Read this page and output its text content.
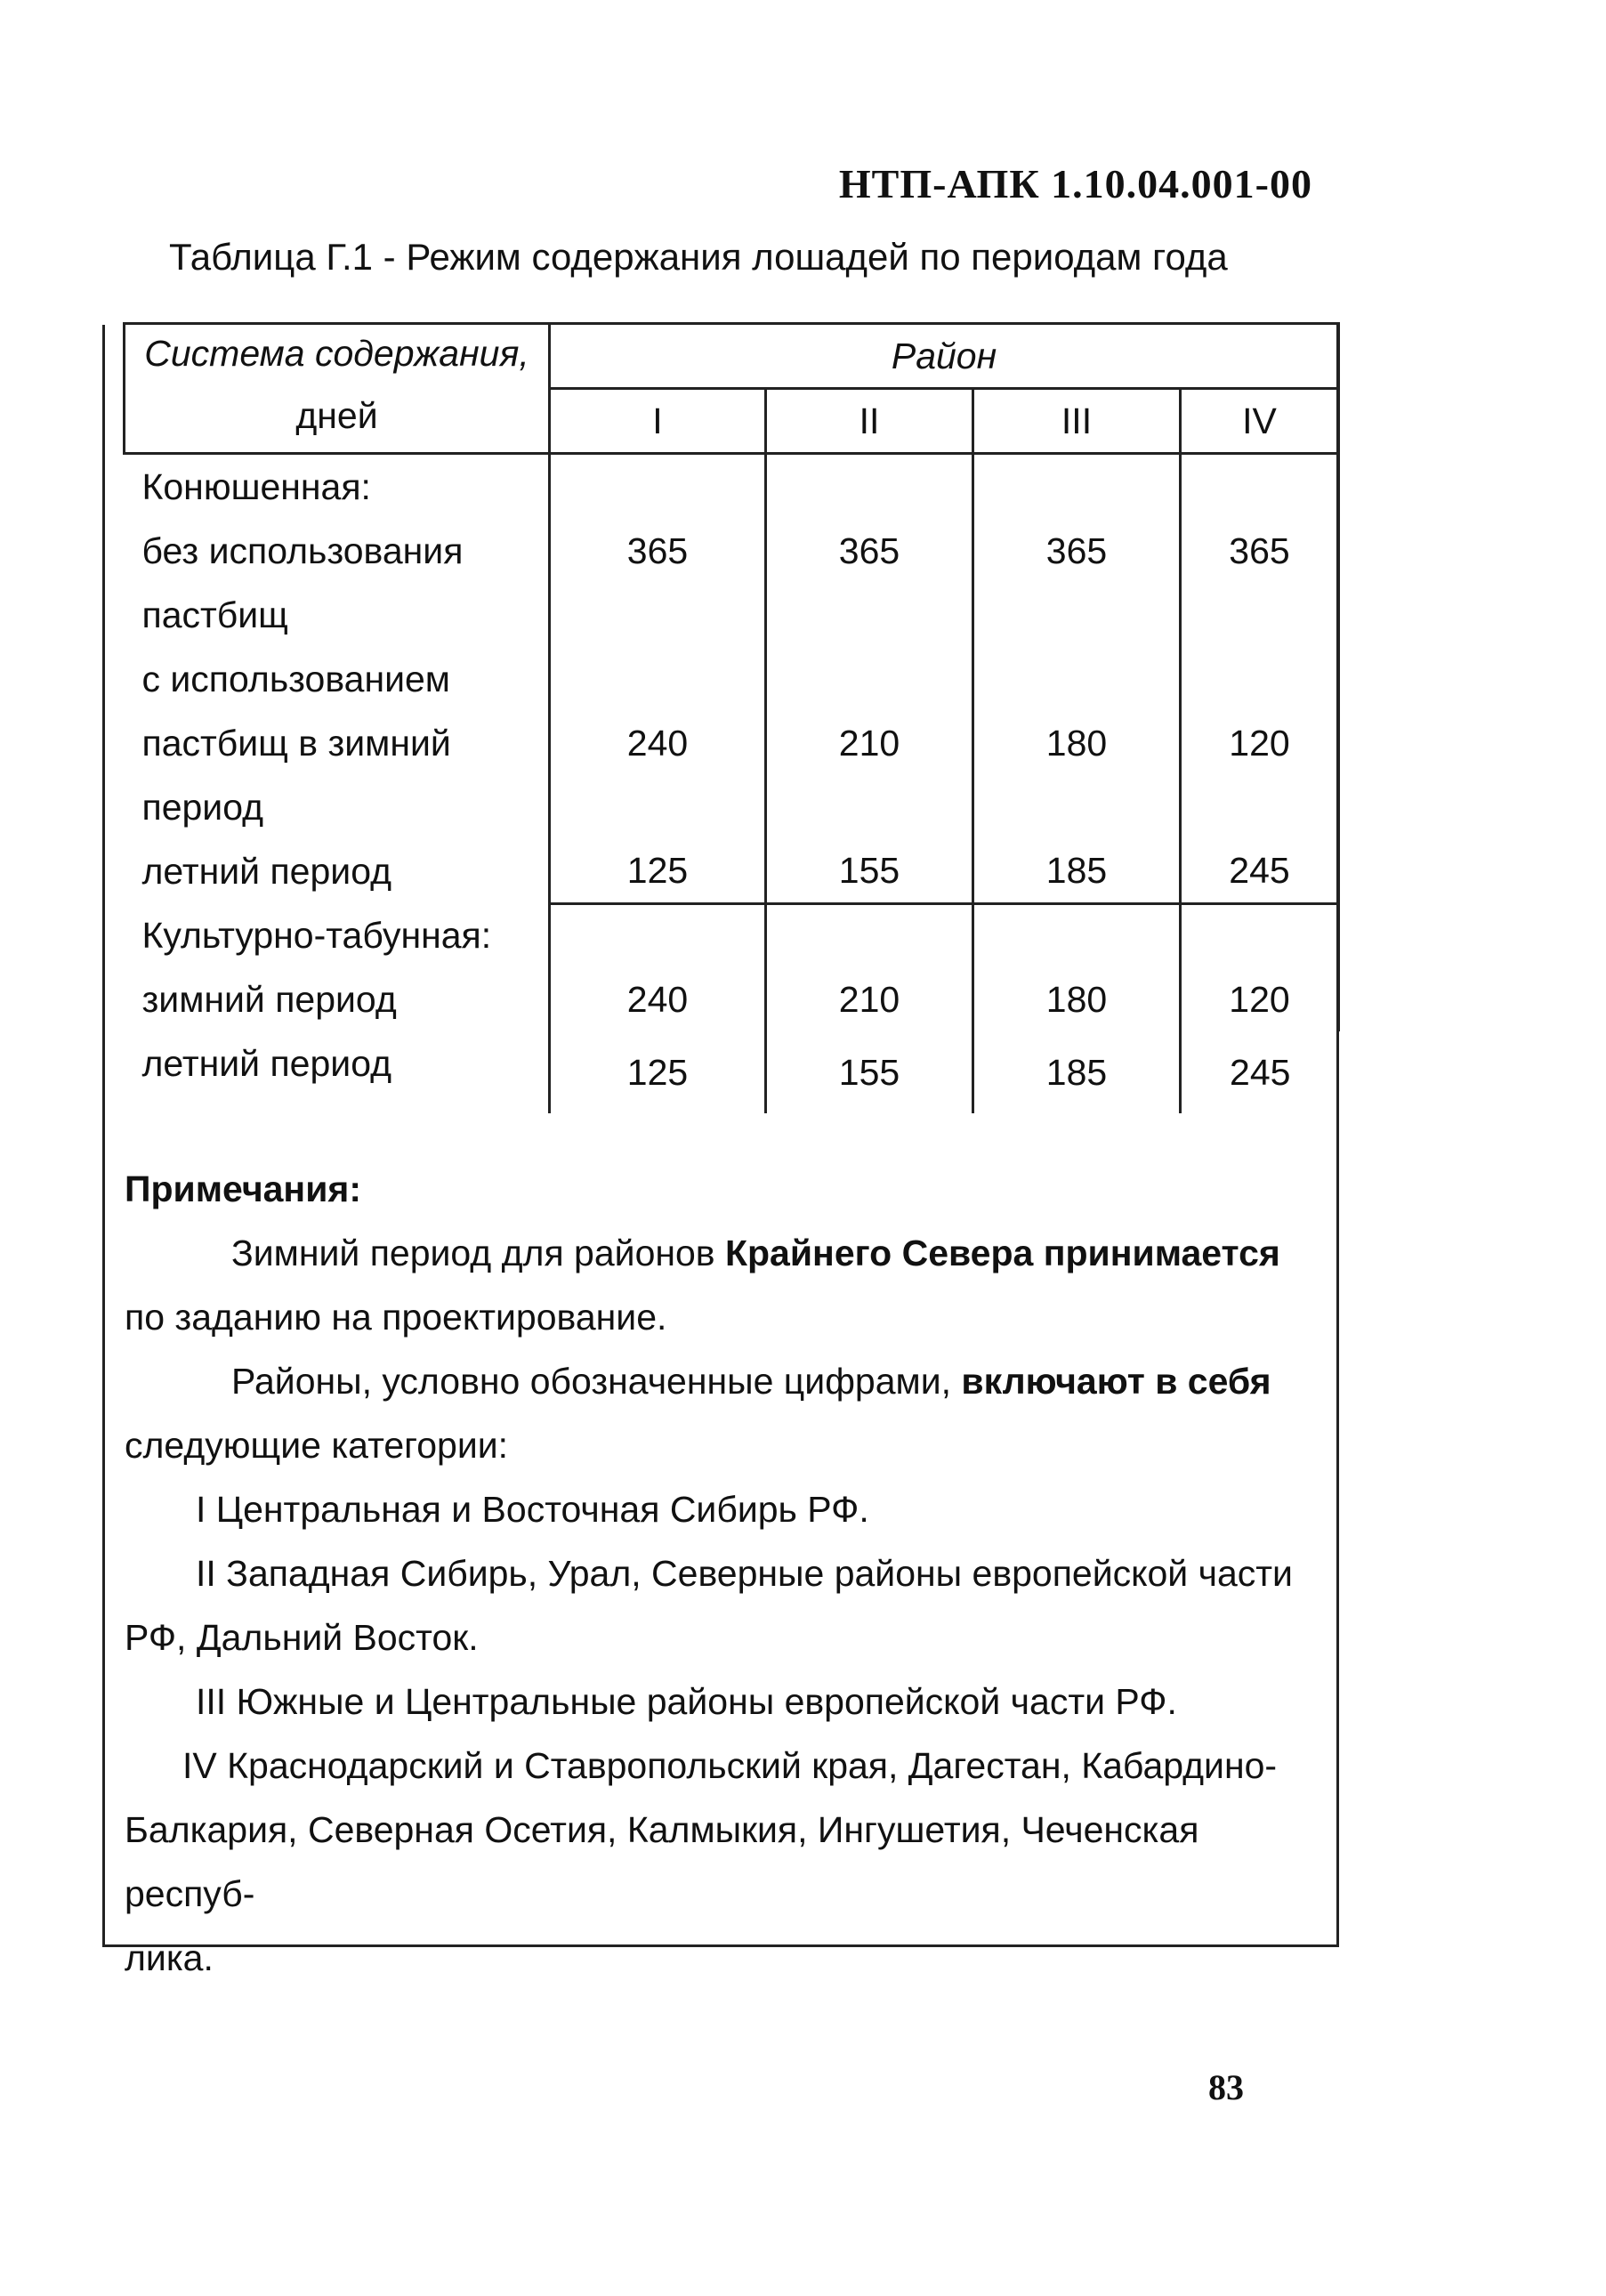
НТП-АПК 1.10.04.001-00
Таблица Г.1 - Режим содержания лошадей по периодам года
Система содержания,
дней	Район			
	I	II	III	IV
Конюшенная:				

без использования
пастбищ	365	365	365	365

с использованием
пастбищ в зимний
период	240	210	180	120
летний период	125	155	185	245
Культурно-табунная:				
зимний период	240	210	180	120
летний период	125	155	185	245
Примечания:
Зимний период для районов Крайнего Севера принимается
по заданию на проектирование.
Районы, условно обозначенные цифрами, включают в себя
следующие категории:
I Центральная и Восточная Сибирь РФ.
II Западная Сибирь, Урал, Северные районы европейской части
РФ, Дальний Восток.
III Южные и Центральные районы европейской части РФ.
IV Краснодарский и Ставропольский края, Дагестан, Кабардино-
Балкария, Северная Осетия, Калмыкия, Ингушетия, Чеченская респуб-
лика.
83
